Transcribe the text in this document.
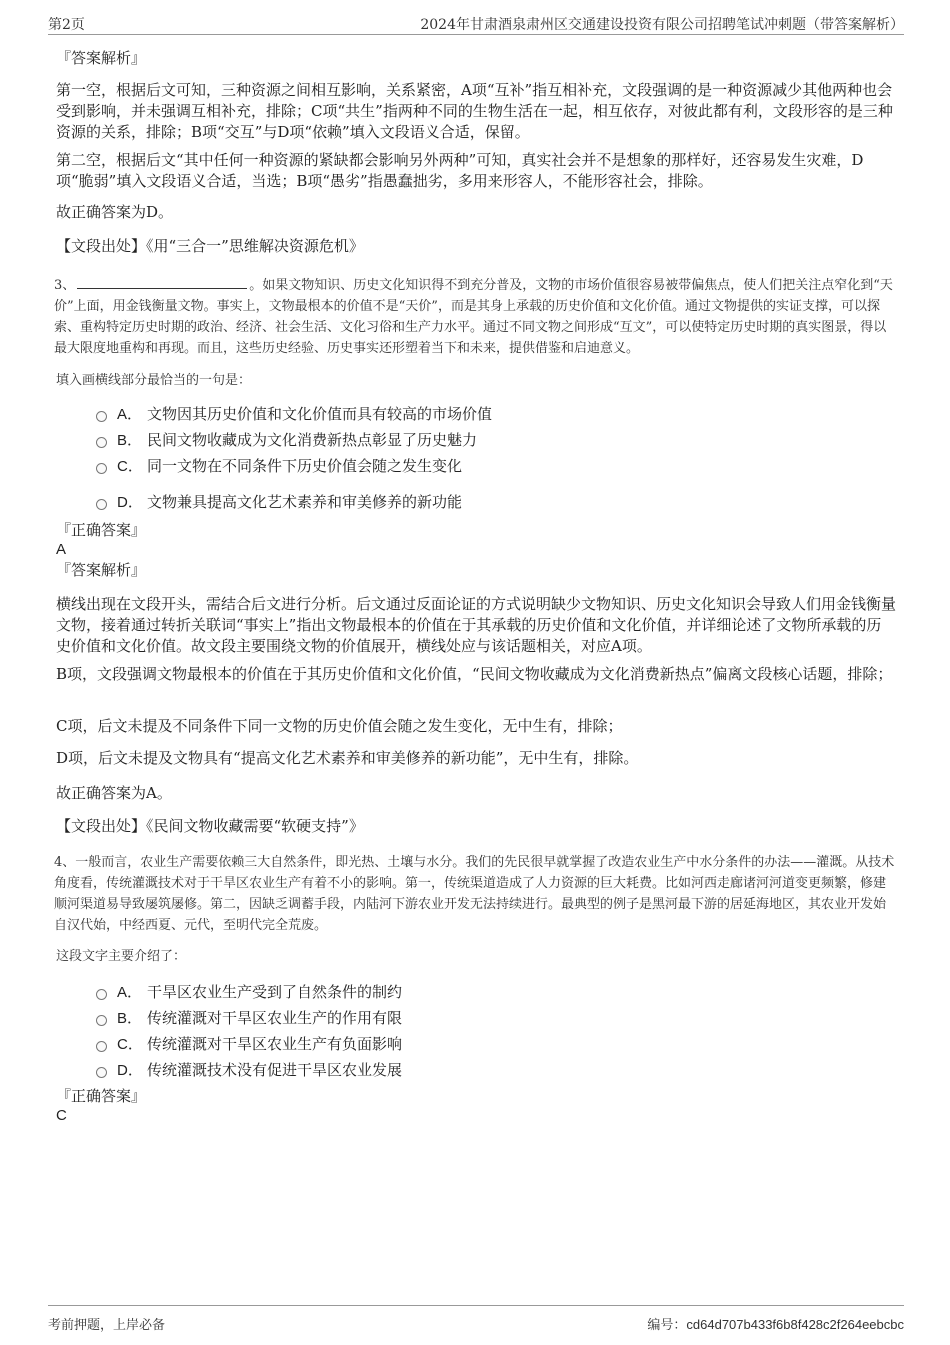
第2页	2024年甘肃酒泉肃州区交通建设投资有限公司招聘笔试冲刺题（带答案解析）
『答案解析』
第一空，根据后文可知，三种资源之间相互影响，关系紧密，A项“互补”指互相补充，文段强调的是一种资源减少其他两种也会受到影响，并未强调互相补充，排除；C项“共生”指两种不同的生物生活在一起，相互依存，对彼此都有利，文段形容的是三种资源的关系，排除；B项“交互”与D项“依赖”填入文段语义合适，保留。
第二空，根据后文“其中任何一种资源的紧缺都会影响另外两种”可知，真实社会并不是想象的那样好，还容易发生灾难，D项“脆弱”填入文段语义合适，当选；B项“愚劣”指愚蠢拙劣，多用来形容人，不能形容社会，排除。
故正确答案为D。
【文段出处】《用“三合一”思维解决资源危机》
3、	。如果文物知识、历史文化知识得不到充分普及，文物的市场价值很容易被带偏焦点，使人们把关注点窄化到“天价”上面，用金钱衡量文物。事实上，文物最根本的价值不是“天价”，而是其身上承载的历史价值和文化价值。通过文物提供的实证支撑，可以探索、重构特定历史时期的政治、经济、社会生活、文化习俗和生产力水平。通过不同文物之间形成“互文”，可以使特定历史时期的真实图景，得以最大限度地重构和再现。而且，这些历史经验、历史事实还形塑着当下和未来，提供借鉴和启迪意义。
填入画横线部分最恰当的一句是：
A． 文物因其历史价值和文化价值而具有较高的市场价值
B． 民间文物收藏成为文化消费新热点彰显了历史魅力
C． 同一文物在不同条件下历史价值会随之发生变化
D． 文物兼具提高文化艺术素养和审美修养的新功能
『正确答案』
A
『答案解析』
横线出现在文段开头，需结合后文进行分析。后文通过反面论证的方式说明缺少文物知识、历史文化知识会导致人们用金钱衡量文物，接着通过转折关联词“事实上”指出文物最根本的价值在于其承载的历史价值和文化价值，并详细论述了文物所承载的历史价值和文化价值。故文段主要围绕文物的价值展开，横线处应与该话题相关，对应A项。
B项，文段强调文物最根本的价值在于其历史价值和文化价值，“民间文物收藏成为文化消费新热点”偏离文段核心话题，排除；
C项，后文未提及不同条件下同一文物的历史价值会随之发生变化，无中生有，排除；
D项，后文未提及文物具有“提高文化艺术素养和审美修养的新功能”，无中生有，排除。
故正确答案为A。
【文段出处】《民间文物收藏需要“软硬支持”》
4、一般而言，农业生产需要依赖三大自然条件，即光热、土壤与水分。我们的先民很早就掌握了改造农业生产中水分条件的办法——灌溉。从技术角度看，传统灌溉技术对于干旱区农业生产有着不小的影响。第一，传统渠道造成了人力资源的巨大耗费。比如河西走廊诸河河道变更频繁，修建顺河渠道易导致屡筑屡修。第二，因缺乏调蓄手段，内陆河下游农业开发无法持续进行。最典型的例子是黑河最下游的居延海地区，其农业开发始自汉代始，中经西夏、元代，至明代完全荒废。
这段文字主要介绍了：
A． 干旱区农业生产受到了自然条件的制约
B． 传统灌溉对干旱区农业生产的作用有限
C． 传统灌溉对干旱区农业生产有负面影响
D． 传统灌溉技术没有促进干旱区农业发展
『正确答案』
C
考前押题，上岸必备	编号：cd64d707b433f6b8f428c2f264eebcbc
